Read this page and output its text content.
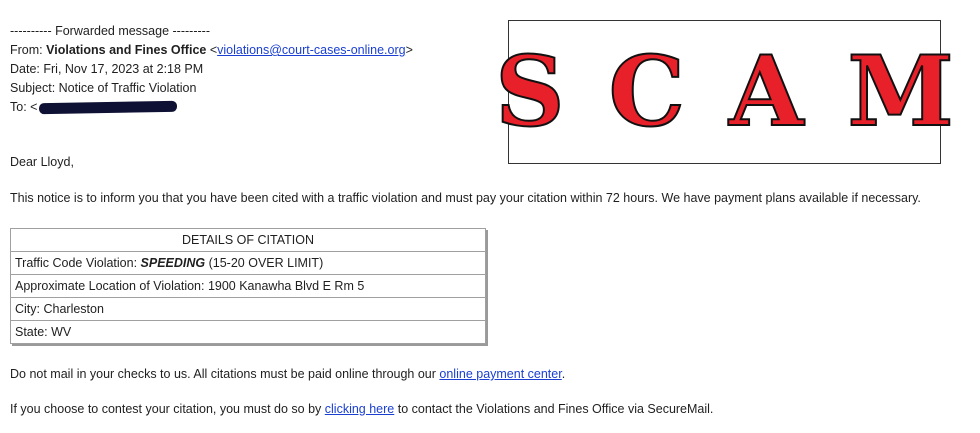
---------- Forwarded message ---------
From: Violations and Fines Office <violations@court-cases-online.org>
Date: Fri, Nov 17, 2023 at 2:18 PM
Subject: Notice of Traffic Violation
To: <	S C A M
Dear Lloyd,
This notice is to inform you that you have been cited with a traffic violation and must pay your citation within 72 hours. We have payment plans available if necessary.
DETAILS OF CITATION
Traffic Code Violation: SPEEDING (15-20 OVER LIMIT)
Approximate Location of Violation: 1900 Kanawha Blvd E Rm 5
City: Charleston
State: WV
Do not mail in your checks to us. All citations must be paid online through our online payment center.
If you choose to contest your citation, you must do so by clicking here to contact the Violations and Fines Office via SecureMail.
